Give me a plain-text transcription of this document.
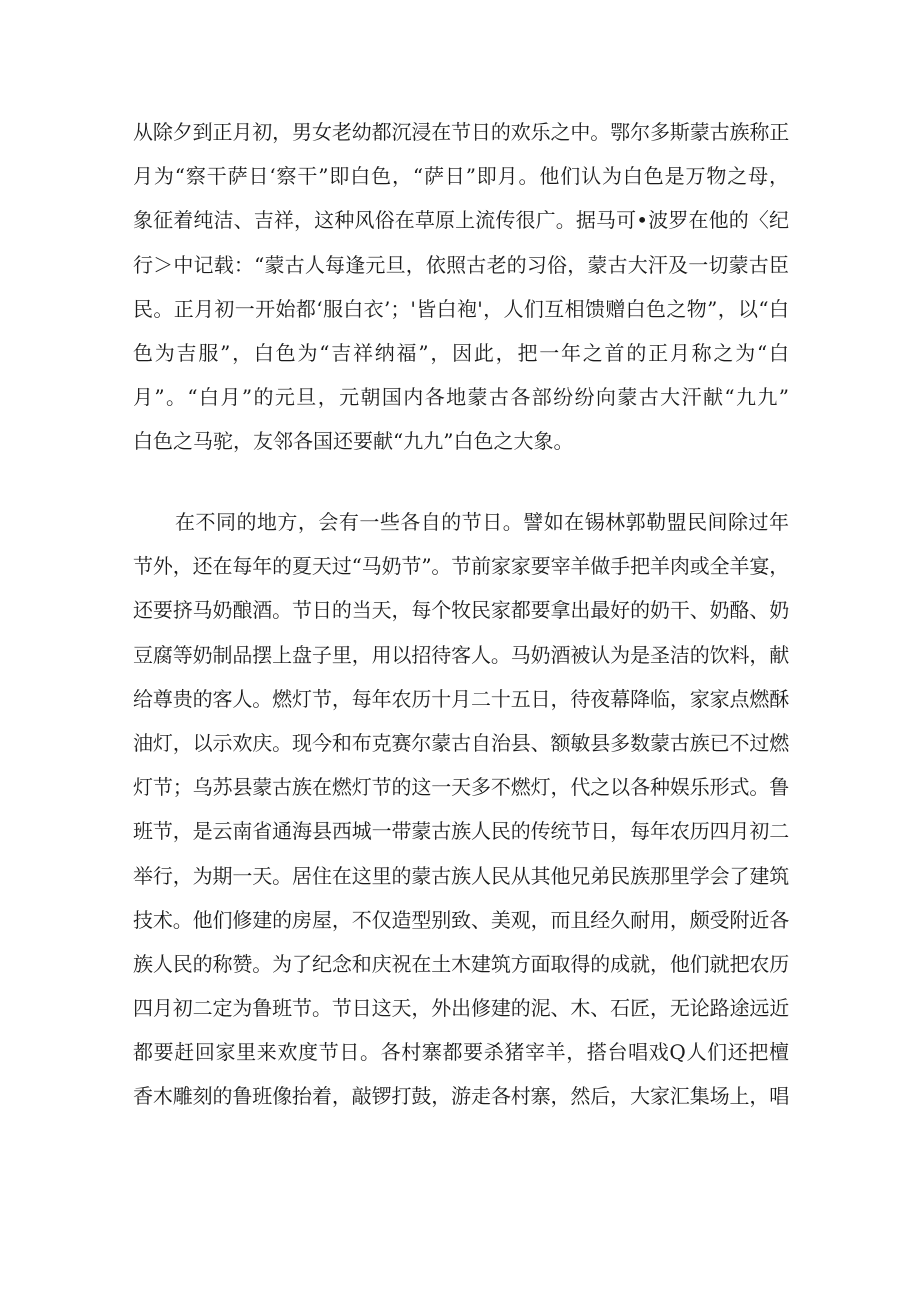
从除夕到正月初，男女老幼都沉浸在节日的欢乐之中。鄂尔多斯蒙古族称正
月为“察干萨日‘察干”即白色，“萨日”即月。他们认为白色是万物之母，
象征着纯洁、吉祥，这种风俗在草原上流传很广。据马可•波罗在他的〈纪
行＞中记载：“蒙古人每逢元旦，依照古老的习俗，蒙古大汗及一切蒙古臣
民。正月初一开始都‘服白衣’；'皆白袍'，人们互相馈赠白色之物”，以“白
色为吉服”，白色为“吉祥纳福”，因此，把一年之首的正月称之为“白
月”。“白月”的元旦，元朝国内各地蒙古各部纷纷向蒙古大汗献“九九”
白色之马驼，友邻各国还要献“九九”白色之大象。
在不同的地方，会有一些各自的节日。譬如在锡林郭勒盟民间除过年
节外，还在每年的夏天过“马奶节”。节前家家要宰羊做手把羊肉或全羊宴，
还要挤马奶酿酒。节日的当天，每个牧民家都要拿出最好的奶干、奶酪、奶
豆腐等奶制品摆上盘子里，用以招待客人。马奶酒被认为是圣洁的饮料，献
给尊贵的客人。燃灯节，每年农历十月二十五日，待夜幕降临，家家点燃酥
油灯，以示欢庆。现今和布克赛尔蒙古自治县、额敏县多数蒙古族已不过燃
灯节；乌苏县蒙古族在燃灯节的这一天多不燃灯，代之以各种娱乐形式。鲁
班节，是云南省通海县西城一带蒙古族人民的传统节日，每年农历四月初二
举行，为期一天。居住在这里的蒙古族人民从其他兄弟民族那里学会了建筑
技术。他们修建的房屋，不仅造型别致、美观，而且经久耐用，颇受附近各
族人民的称赞。为了纪念和庆祝在土木建筑方面取得的成就，他们就把农历
四月初二定为鲁班节。节日这天，外出修建的泥、木、石匠，无论路途远近
都要赶回家里来欢度节日。各村寨都要杀猪宰羊，搭台唱戏Q人们还把檀
香木雕刻的鲁班像抬着，敲锣打鼓，游走各村寨，然后，大家汇集场上，唱
